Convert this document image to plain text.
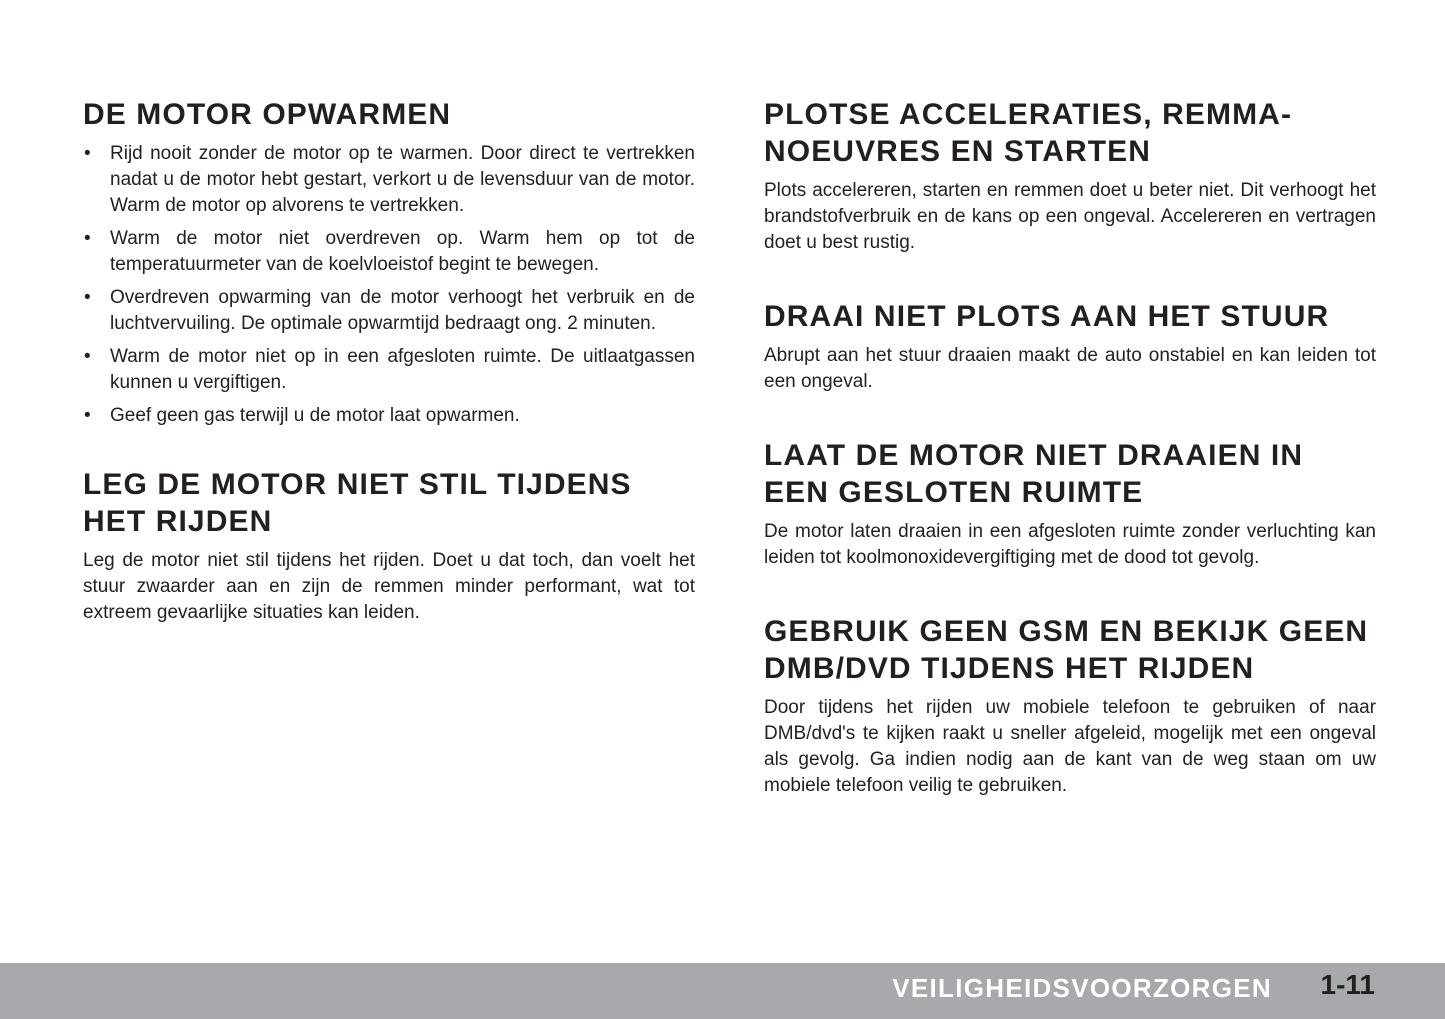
DE MOTOR OPWARMEN
• Rijd nooit zonder de motor op te warmen. Door direct te vertrekken nadat u de motor hebt gestart, verkort u de levensduur van de motor. Warm de motor op alvorens te vertrekken.
• Warm de motor niet overdreven op. Warm hem op tot de temperatuurmeter van de koelvloeistof begint te bewegen.
• Overdreven opwarming van de motor verhoogt het verbruik en de luchtvervuiling. De optimale opwarmtijd bedraagt ong. 2 minuten.
• Warm de motor niet op in een afgesloten ruimte. De uitlaatgassen kunnen u vergiftigen.
• Geef geen gas terwijl u de motor laat opwarmen.
LEG DE MOTOR NIET STIL TIJDENS HET RIJDEN

Leg de motor niet stil tijdens het rijden. Doet u dat toch, dan voelt het stuur zwaarder aan en zijn de remmen minder performant, wat tot extreem gevaarlijke situaties kan leiden.

PLOTSE ACCELERATIES, REMMA-
NOEUVRES EN STARTEN

Plots accelereren, starten en remmen doet u beter niet. Dit verhoogt het brandstofverbruik en de kans op een ongeval. Accelereren en vertragen doet u best rustig.

DRAAI NIET PLOTS AAN HET STUUR

Abrupt aan het stuur draaien maakt de auto onstabiel en kan leiden tot een ongeval.

LAAT DE MOTOR NIET DRAAIEN IN EEN GESLOTEN RUIMTE

De motor laten draaien in een afgesloten ruimte zonder verluchting kan leiden tot koolmonoxidevergiftiging met de dood tot gevolg.

GEBRUIK GEEN GSM EN BEKIJK GEEN DMB/DVD TIJDENS HET RIJDEN

Door tijdens het rijden uw mobiele telefoon te gebruiken of naar DMB/dvd's te kijken raakt u sneller afgeleid, mogelijk met een ongeval als gevolg. Ga indien nodig aan de kant van de weg staan om uw mobiele telefoon veilig te gebruiken.

VEILIGHEIDSVOORZORGEN 1-11
